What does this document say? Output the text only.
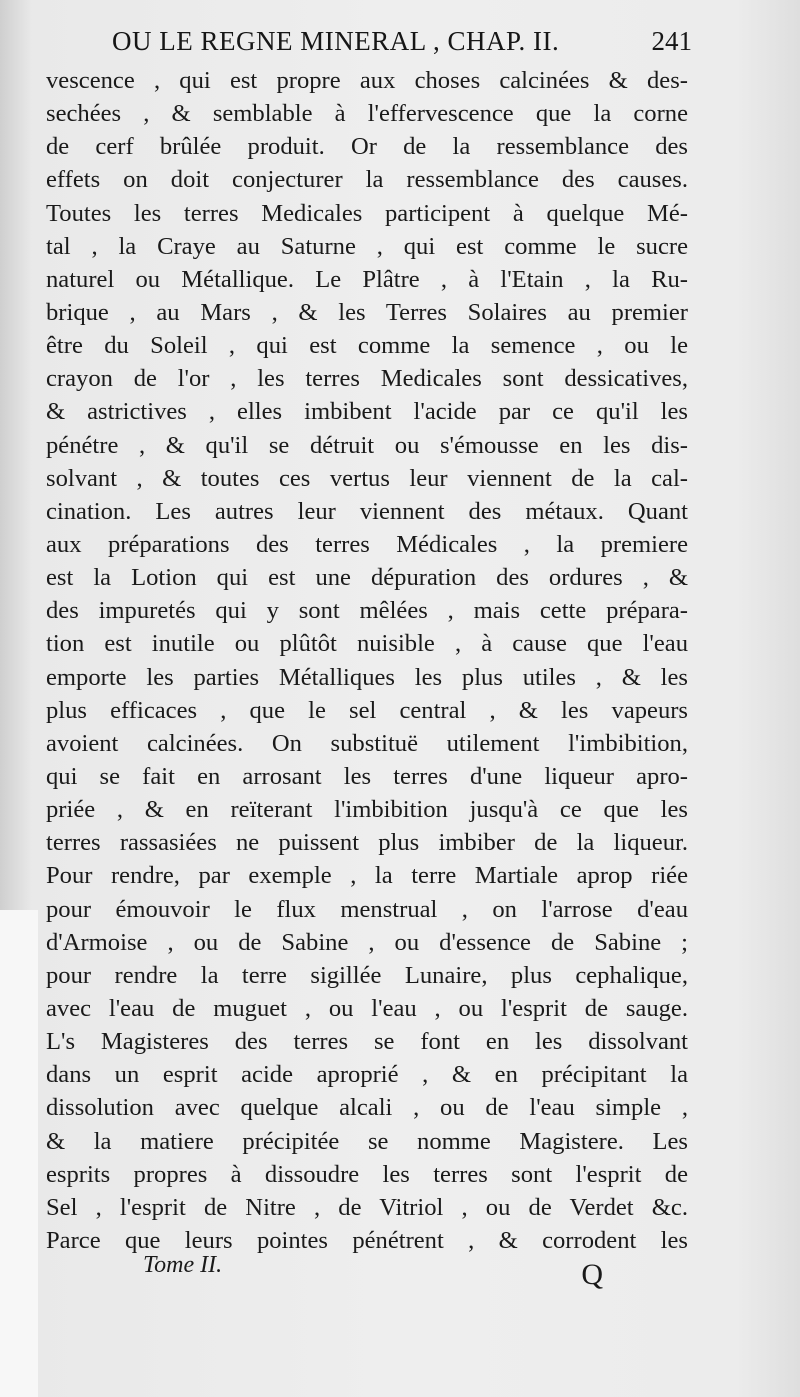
OU LE REGNE MINERAL , CHAP. II.	241
vescence , qui est propre aux choses calcinées & des-
sechées , & semblable à l'effervescence que la corne
de cerf brûlée produit. Or de la ressemblance des
effets on doit conjecturer la ressemblance des causes.
Toutes les terres Medicales participent à quelque Mé-
tal , la Craye au Saturne , qui est comme le sucre
naturel ou Métallique. Le Plâtre , à l'Etain , la Ru-
brique , au Mars , & les Terres Solaires au premier
être du Soleil , qui est comme la semence , ou le
crayon de l'or , les terres Medicales sont dessicatives,
& astrictives , elles imbibent l'acide par ce qu'il les
pénétre , & qu'il se détruit ou s'émousse en les dis-
solvant , & toutes ces vertus leur viennent de la cal-
cination. Les autres leur viennent des métaux. Quant
aux préparations des terres Médicales , la premiere
est la Lotion qui est une dépuration des ordures , &
des impuretés qui y sont mêlées , mais cette prépara-
tion est inutile ou plûtôt nuisible , à cause que l'eau
emporte les parties Métalliques les plus utiles , & les
plus efficaces , que le sel central , & les vapeurs
avoient calcinées. On substituë utilement l'imbibition,
qui se fait en arrosant les terres d'une liqueur apro-
priée , & en reïterant l'imbibition jusqu'à ce que les
terres rassasiées ne puissent plus imbiber de la liqueur.
Pour rendre, par exemple , la terre Martiale aprop riée
pour émouvoir le flux menstrual , on l'arrose d'eau
d'Armoise , ou de Sabine , ou d'essence de Sabine ;
pour rendre la terre sigillée Lunaire, plus cephalique,
avec l'eau de muguet , ou l'eau , ou l'esprit de sauge.
L's Magisteres des terres se font en les dissolvant
dans un esprit acide aproprié , & en précipitant la
dissolution avec quelque alcali , ou de l'eau simple ,
& la matiere précipitée se nomme Magistere. Les
esprits propres à dissoudre les terres sont l'esprit de
Sel , l'esprit de Nitre , de Vitriol , ou de Verdet &c.
Parce que leurs pointes pénétrent , & corrodent les
Tome II.	Q
